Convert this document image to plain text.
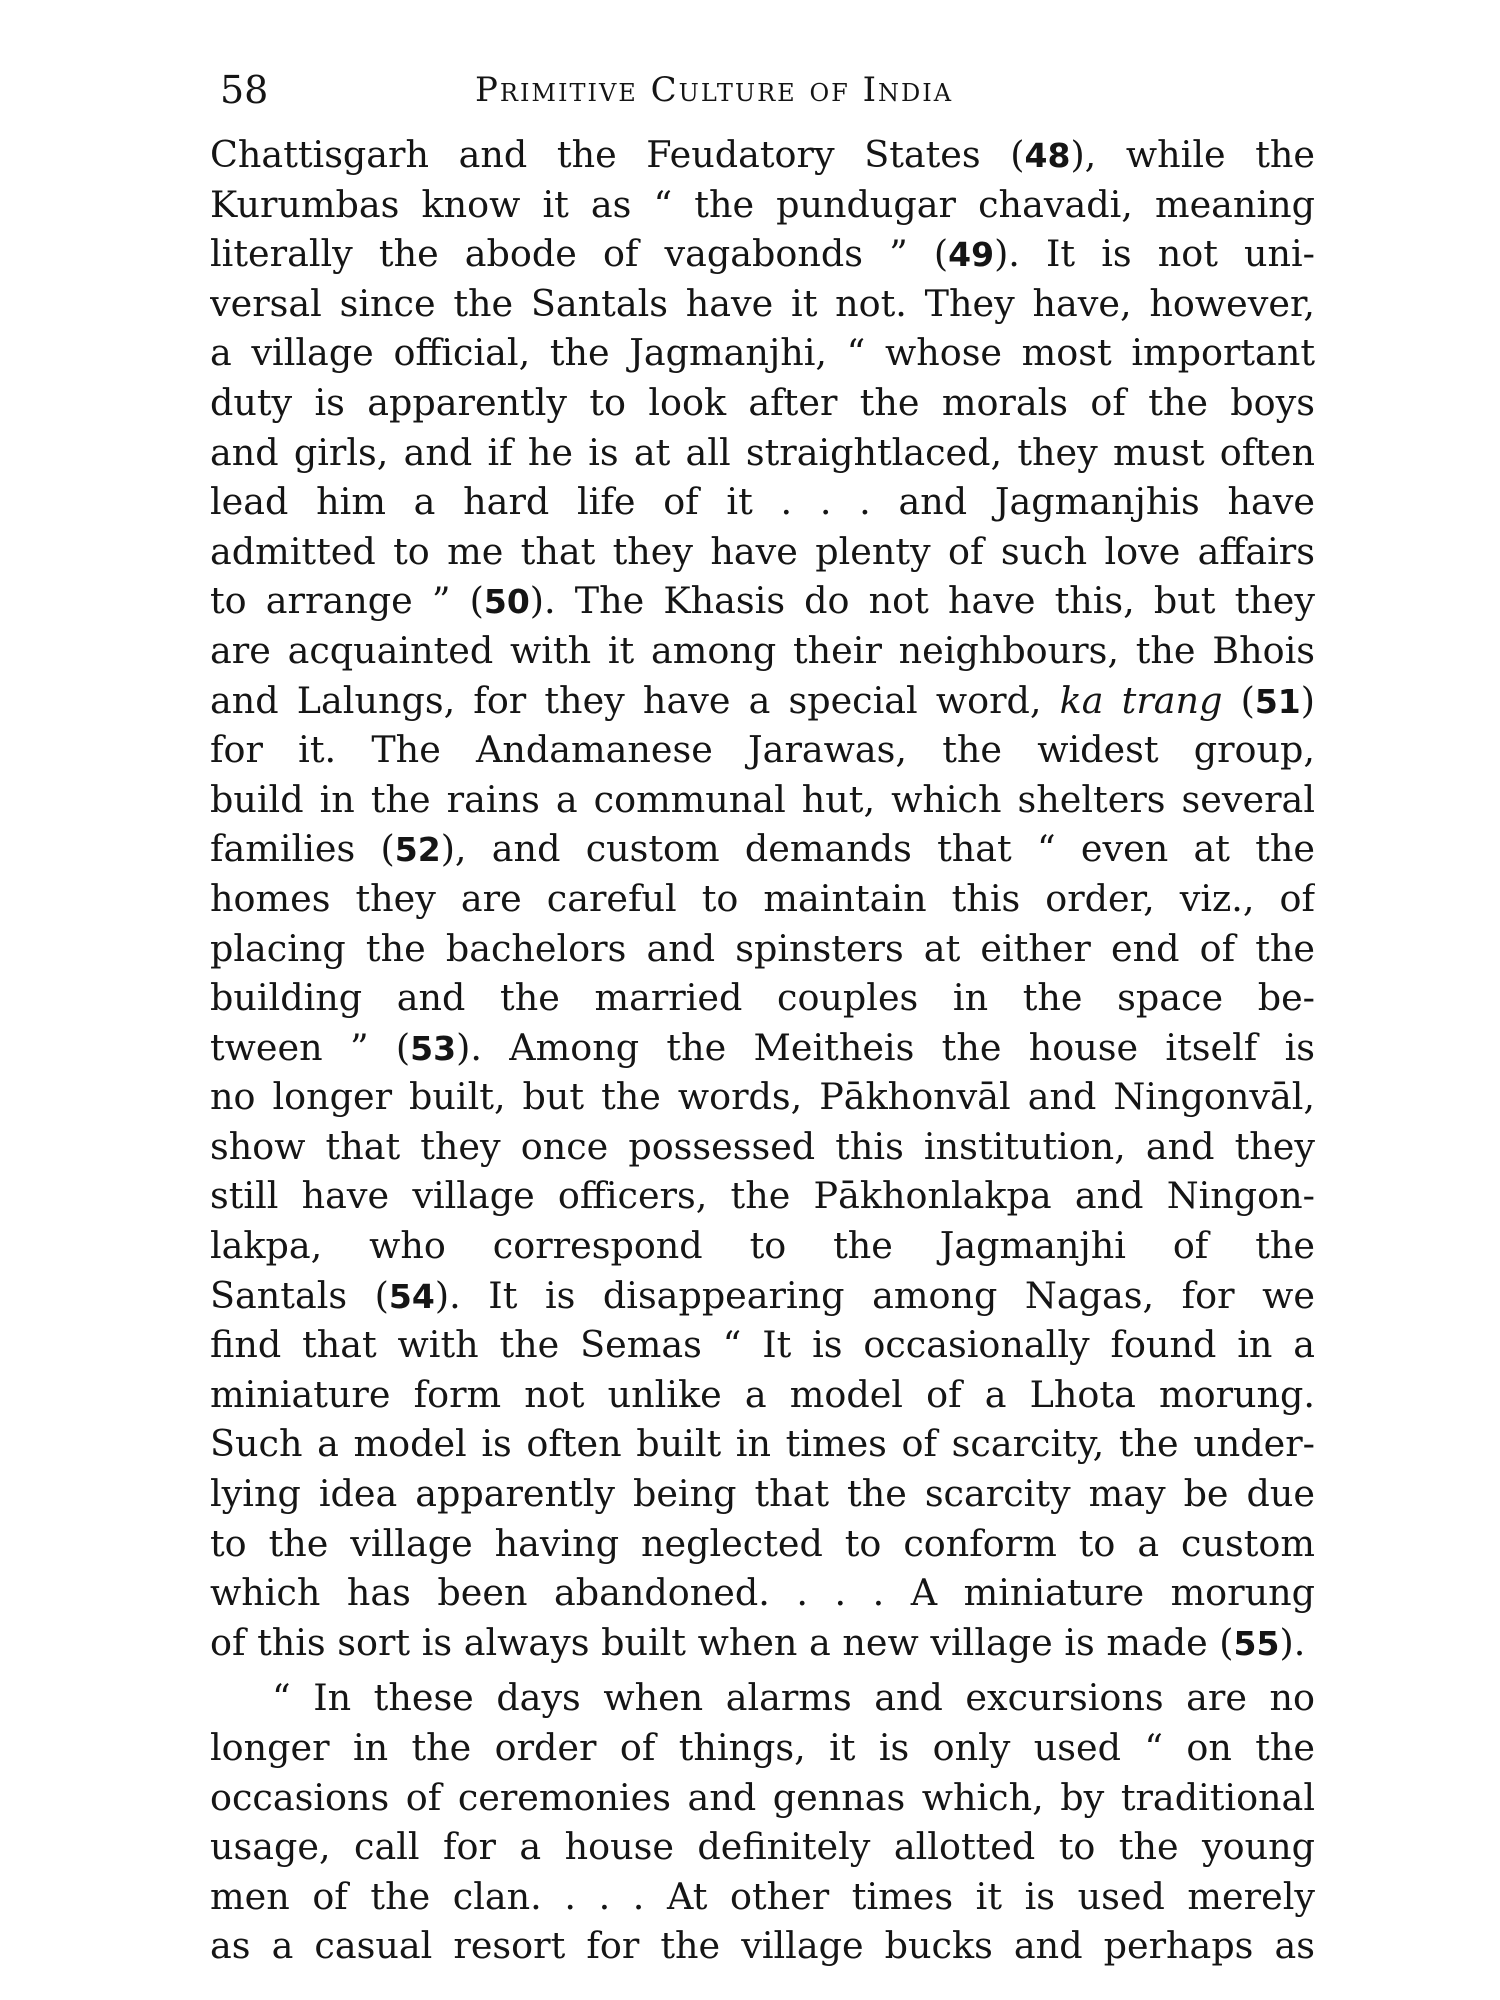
58	Primitive Culture of India
Chattisgarh and the Feudatory States (48), while the
Kurumbas know it as “ the pundugar chavadi, meaning
literally the abode of vagabonds ” (49). It is not uni-
versal since the Santals have it not. They have, however,
a village official, the Jagmanjhi, “ whose most important
duty is apparently to look after the morals of the boys
and girls, and if he is at all straightlaced, they must often
lead him a hard life of it . . . and Jagmanjhis have
admitted to me that they have plenty of such love affairs
to arrange ” (50). The Khasis do not have this, but they
are acquainted with it among their neighbours, the Bhois
and Lalungs, for they have a special word, ka trang (51)
for it. The Andamanese Jarawas, the widest group,
build in the rains a communal hut, which shelters several
families (52), and custom demands that “ even at the
homes they are careful to maintain this order, viz., of
placing the bachelors and spinsters at either end of the
building and the married couples in the space be-
tween ” (53). Among the Meitheis the house itself is
no longer built, but the words, Pākhonvāl and Ningonvāl,
show that they once possessed this institution, and they
still have village officers, the Pākhonlakpa and Ningon-
lakpa, who correspond to the Jagmanjhi of the
Santals (54). It is disappearing among Nagas, for we
find that with the Semas “ It is occasionally found in a
miniature form not unlike a model of a Lhota morung.
Such a model is often built in times of scarcity, the under-
lying idea apparently being that the scarcity may be due
to the village having neglected to conform to a custom
which has been abandoned. . . . A miniature morung
of this sort is always built when a new village is made (55).
“ In these days when alarms and excursions are no
longer in the order of things, it is only used “ on the
occasions of ceremonies and gennas which, by traditional
usage, call for a house definitely allotted to the young
men of the clan. . . . At other times it is used merely
as a casual resort for the village bucks and perhaps as
